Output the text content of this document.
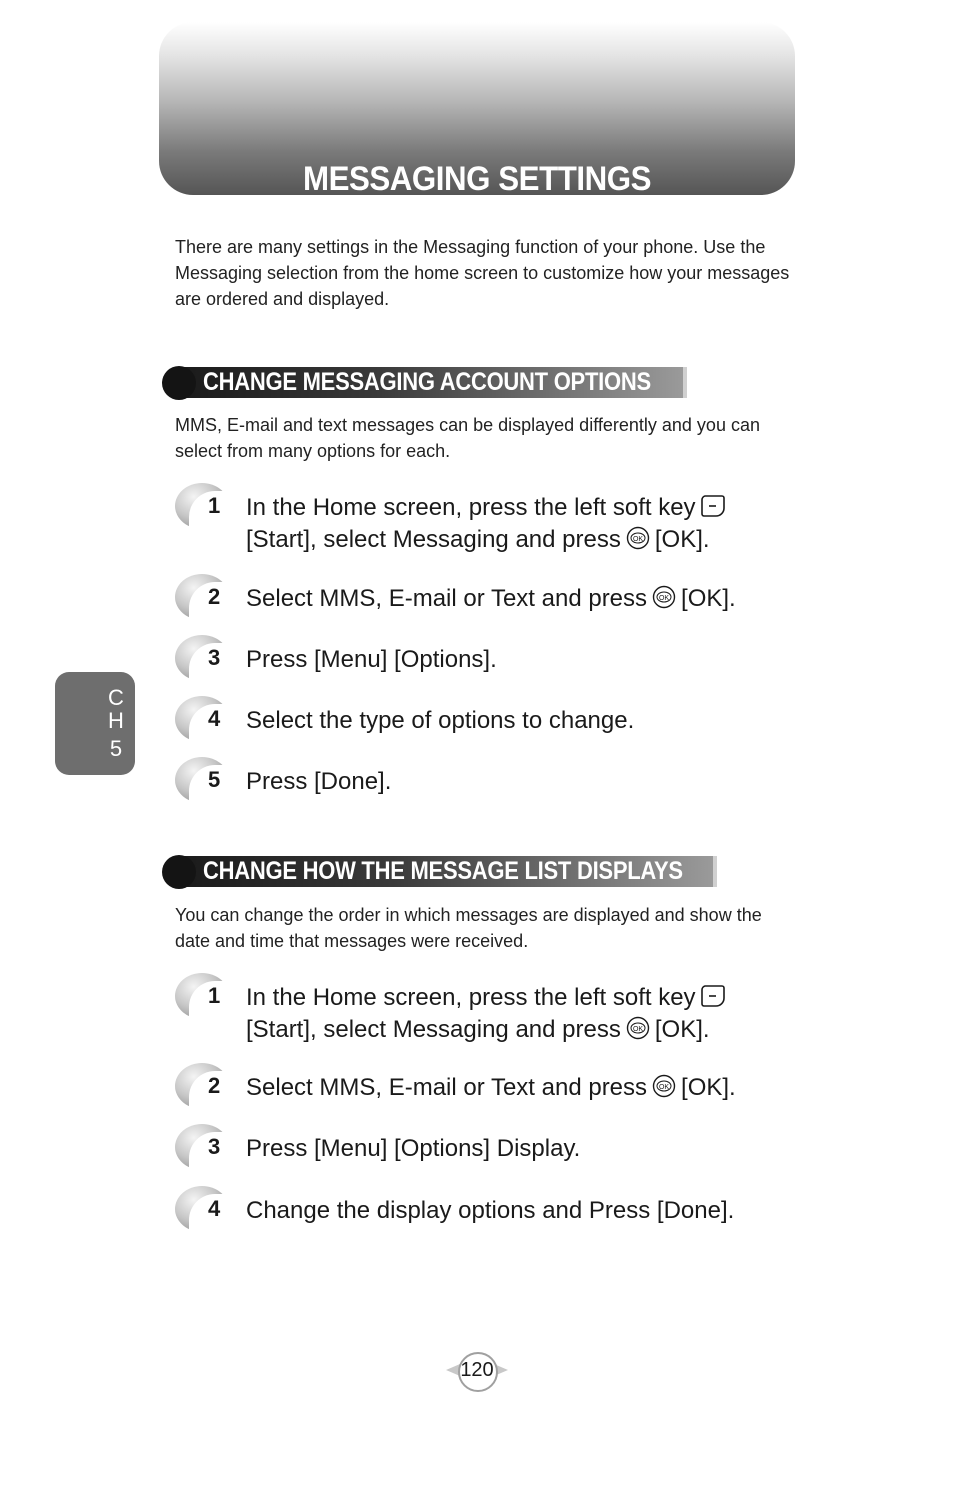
MESSAGING SETTINGS
There are many settings in the Messaging function of your phone. Use the Messaging selection from the home screen to customize how your messages are ordered and displayed.
CHANGE MESSAGING ACCOUNT OPTIONS
MMS, E-mail and text messages can be displayed differently and you can select from many options for each.
1 In the Home screen, press the left soft key
[Start], select Messaging and press OK [OK].
2 Select MMS, E-mail or Text and press OK [OK].
3 Press [Menu] [Options].
4 Select the type of options to change.
5 Press [Done].
CHANGE HOW THE MESSAGE LIST DISPLAYS
You can change the order in which messages are displayed and show the date and time that messages were received.
1 In the Home screen, press the left soft key
[Start], select Messaging and press OK [OK].
2 Select MMS, E-mail or Text and press OK [OK].
3 Press [Menu] [Options] Display.
4 Change the display options and Press [Done].
C
H
5
120
